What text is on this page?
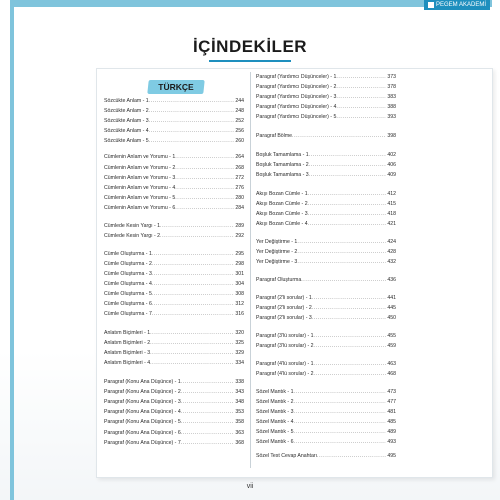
PEGEM AKADEMİ
İÇİNDEKİLER
TÜRKÇE
Sözcükte Anlam - 1 .....	244
Sözcükte Anlam - 2 .....	248
Sözcükte Anlam - 3 .....	252
Sözcükte Anlam - 4 .....	256
Sözcükte Anlam - 5 .....	260
Cümlenin Anlam ve Yorumu - 1 .....	264
Cümlenin Anlam ve Yorumu - 2 .....	268
Cümlenin Anlam ve Yorumu - 3 .....	272
Cümlenin Anlam ve Yorumu - 4 .....	276
Cümlenin Anlam ve Yorumu - 5 .....	280
Cümlenin Anlam ve Yorumu - 6 .....	284
Cümlede Kesin Yargı - 1 .....	289
Cümlede Kesin Yargı - 2 .....	292
Cümle Oluşturma - 1 .....	295
Cümle Oluşturma - 2 .....	298
Cümle Oluşturma - 3 .....	301
Cümle Oluşturma - 4 .....	304
Cümle Oluşturma - 5 .....	308
Cümle Oluşturma - 6 .....	312
Cümle Oluşturma - 7 .....	316
Anlatım Biçimleri - 1 .....	320
Anlatım Biçimleri - 2 .....	325
Anlatım Biçimleri - 3 .....	329
Anlatım Biçimleri - 4 .....	334
Paragraf (Konu Ana Düşünce) - 1 .....	338
Paragraf (Konu Ana Düşünce) - 2 .....	343
Paragraf (Konu Ana Düşünce) - 3 .....	348
Paragraf (Konu Ana Düşünce) - 4 .....	353
Paragraf (Konu Ana Düşünce) - 5 .....	358
Paragraf (Konu Ana Düşünce) - 6 .....	363
Paragraf (Konu Ana Düşünce) - 7 .....	368
Paragraf (Yardımcı Düşünceler) - 1 .....	373
Paragraf (Yardımcı Düşünceler) - 2 .....	378
Paragraf (Yardımcı Düşünceler) - 3 .....	383
Paragraf (Yardımcı Düşünceler) - 4 .....	388
Paragraf (Yardımcı Düşünceler) - 5 .....	393
Paragraf Bölme .....	398
Boşluk Tamamlama - 1 .....	402
Boşluk Tamamlama - 2 .....	406
Boşluk Tamamlama - 3 .....	409
Akışı Bozan Cümle - 1 .....	412
Akışı Bozan Cümle - 2 .....	415
Akışı Bozan Cümle - 3 .....	418
Akışı Bozan Cümle - 4 .....	421
Yer Değiştirme - 1 .....	424
Yer Değiştirme - 2 .....	428
Yer Değiştirme - 3 .....	432
Paragraf Oluşturma .....	436
Paragraf (2'li sorular) - 1 .....	441
Paragraf (2'li sorular) - 2 .....	445
Paragraf (2'li sorular) - 3 .....	450
Paragraf (3'lü sorular) - 1 .....	455
Paragraf (3'lü sorular) - 2 .....	459
Paragraf (4'lü sorular) - 1 .....	463
Paragraf (4'lü sorular) - 2 .....	468
Sözel Mantık - 1 .....	473
Sözel Mantık - 2 .....	477
Sözel Mantık - 3 .....	481
Sözel Mantık - 4 .....	485
Sözel Mantık - 5 .....	489
Sözel Mantık - 6 .....	493
Sözel Test Cevap Anahtarı .....	495
vii
